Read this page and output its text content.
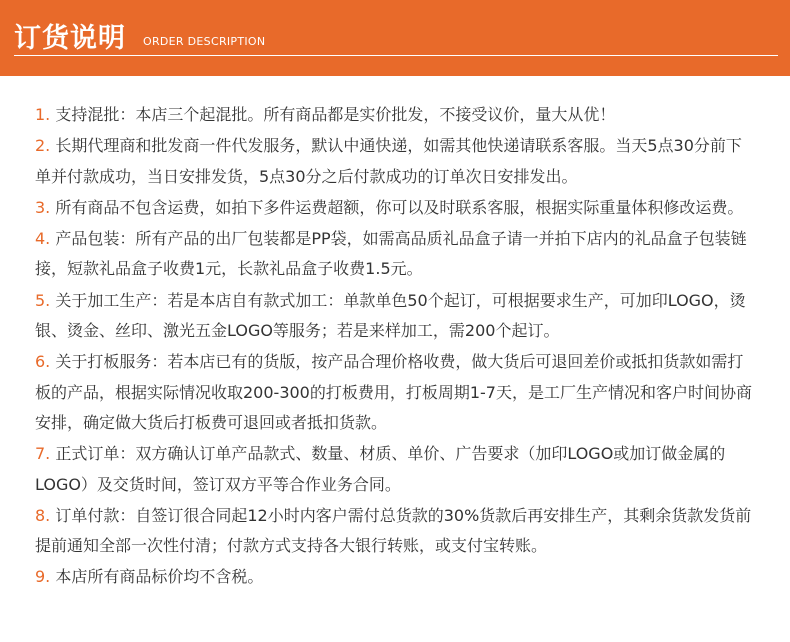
订货说明 ORDER DESCRIPTION

1. 支持混批：本店三个起混批。所有商品都是实价批发，不接受议价，量大从优！

2. 长期代理商和批发商一件代发服务，默认中通快递，如需其他快递请联系客服。当天5点30分前下单并付款成功，当日安排发货，5点30分之后付款成功的订单次日安排发出。

3. 所有商品不包含运费，如拍下多件运费超额，你可以及时联系客服，根据实际重量体积修改运费。

4. 产品包装：所有产品的出厂包装都是PP袋，如需高品质礼品盒子请一并拍下店内的礼品盒子包装链接，短款礼品盒子收费1元，长款礼品盒子收费1.5元。

5. 关于加工生产：若是本店自有款式加工：单款单色50个起订，可根据要求生产，可加印LOGO，烫银、烫金、丝印、激光五金LOGO等服务；若是来样加工，需200个起订。

6. 关于打板服务：若本店已有的货版，按产品合理价格收费，做大货后可退回差价或抵扣货款如需打板的产品，根据实际情况收取200-300的打板费用，打板周期1-7天，是工厂生产情况和客户时间协商安排，确定做大货后打板费可退回或者抵扣货款。

7. 正式订单：双方确认订单产品款式、数量、材质、单价、广告要求（加印LOGO或加订做金属的LOGO）及交货时间，签订双方平等合作业务合同。

8. 订单付款：自签订很合同起12小时内客户需付总货款的30%货款后再安排生产，其剩余货款发货前提前通知全部一次性付清；付款方式支持各大银行转账，或支付宝转账。

9. 本店所有商品标价均不含税。
